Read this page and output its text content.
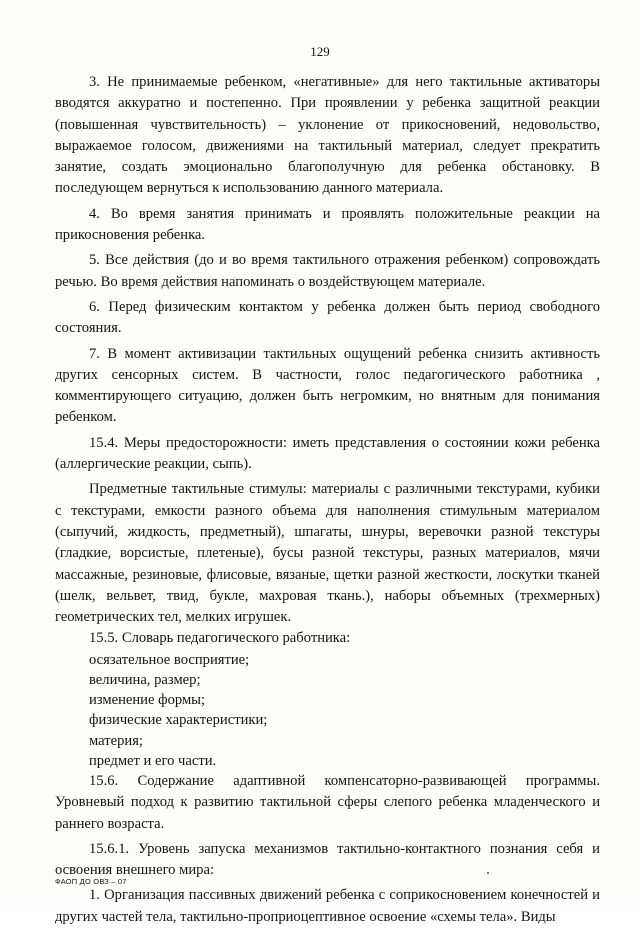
129

3. Не принимаемые ребенком, «негативные» для него тактильные активаторы вводятся аккуратно и постепенно. При проявлении у ребенка защитной реакции (повышенная чувствительность) – уклонение от прикосновений, недовольство, выражаемое голосом, движениями на тактильный материал, следует прекратить занятие, создать эмоционально благополучную для ребенка обстановку. В последующем вернуться к использованию данного материала.

4. Во время занятия принимать и проявлять положительные реакции на прикосновения ребенка.

5. Все действия (до и во время тактильного отражения ребенком) сопровождать речью. Во время действия напоминать о воздействующем материале.

6. Перед физическим контактом у ребенка должен быть период свободного состояния.

7. В момент активизации тактильных ощущений ребенка снизить активность других сенсорных систем. В частности, голос педагогического работника , комментирующего ситуацию, должен быть негромким, но внятным для понимания ребенком.

15.4. Меры предосторожности: иметь представления о состоянии кожи ребенка (аллергические реакции, сыпь).

Предметные тактильные стимулы: материалы с различными текстурами, кубики с текстурами, емкости разного объема для наполнения стимульным материалом (сыпучий, жидкость, предметный), шпагаты, шнуры, веревочки разной текстуры (гладкие, ворсистые, плетеные), бусы разной текстуры, разных материалов, мячи массажные, резиновые, флисовые, вязаные, щетки разной жесткости, лоскутки тканей (шелк, вельвет, твид, букле, махровая ткань.), наборы объемных (трехмерных) геометрических тел, мелких игрушек.

15.5. Словарь педагогического работника:

осязательное восприятие;

величина, размер;

изменение формы;

физические характеристики;

материя;

предмет и его части.

15.6. Содержание адаптивной компенсаторно-развивающей программы. Уровневый подход к развитию тактильной сферы слепого ребенка младенческого и раннего возраста.

15.6.1. Уровень запуска механизмов тактильно-контактного познания себя и освоения внешнего мира:

1. Организация пассивных движений ребенка с соприкосновением конечностей и других частей тела, тактильно-проприоцептивное освоение «схемы тела». Виды

ФАОП ДО ОВЗ – 07
